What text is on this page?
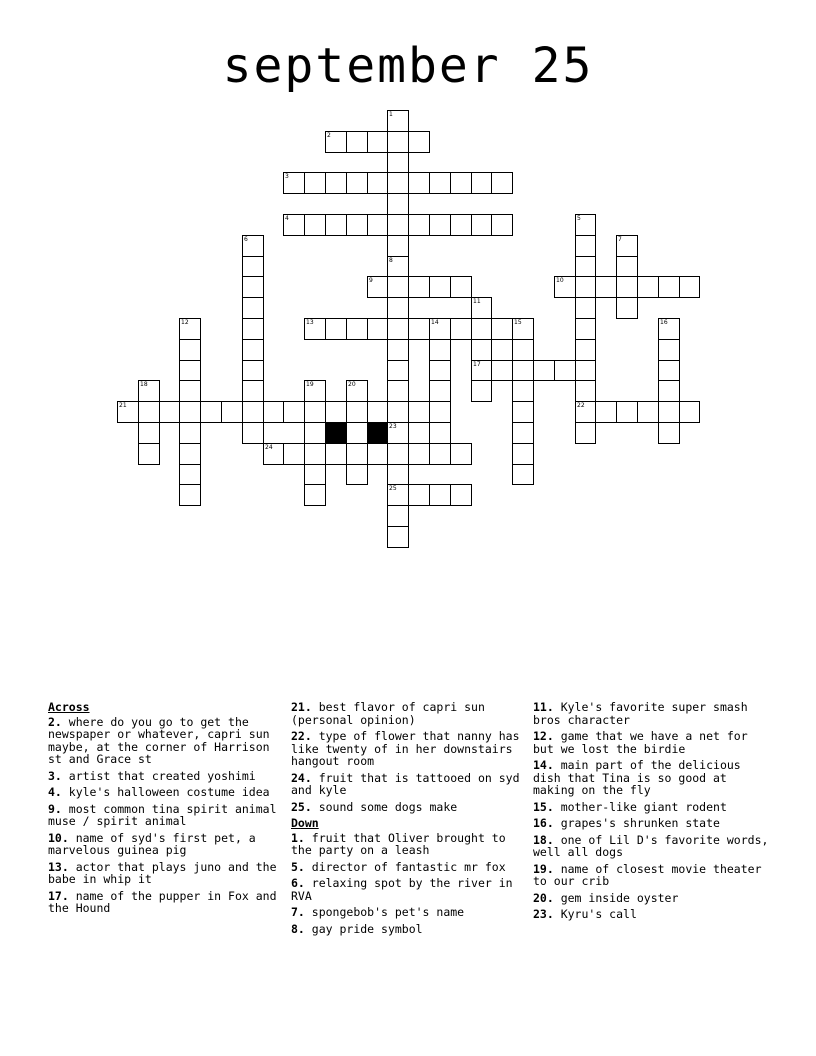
september 25
2
3
4
9	10
13	14	15
17
21	22
24
25
1
8
5
6	7
23
11
12	16
18	19	20
Across
2. where do you go to get the newspaper or whatever, capri sun maybe, at the corner of Harrison st and Grace st
3. artist that created yoshimi
4. kyle's halloween costume idea
9. most common tina spirit animal muse / spirit animal
10. name of syd's first pet, a marvelous guinea pig
13. actor that plays juno and the babe in whip it
17. name of the pupper in Fox and the Hound
21. best flavor of capri sun (personal opinion)
22. type of flower that nanny has like twenty of in her downstairs hangout room
24. fruit that is tattooed on syd and kyle
25. sound some dogs make
Down
1. fruit that Oliver brought to the party on a leash
5. director of fantastic mr fox
6. relaxing spot by the river in RVA
7. spongebob's pet's name
8. gay pride symbol
11. Kyle's favorite super smash bros character
12. game that we have a net for but we lost the birdie
14. main part of the delicious dish that Tina is so good at making on the fly
15. mother-like giant rodent
16. grapes's shrunken state
18. one of Lil D's favorite words, well all dogs
19. name of closest movie theater to our crib
20. gem inside oyster
23. Kyru's call
